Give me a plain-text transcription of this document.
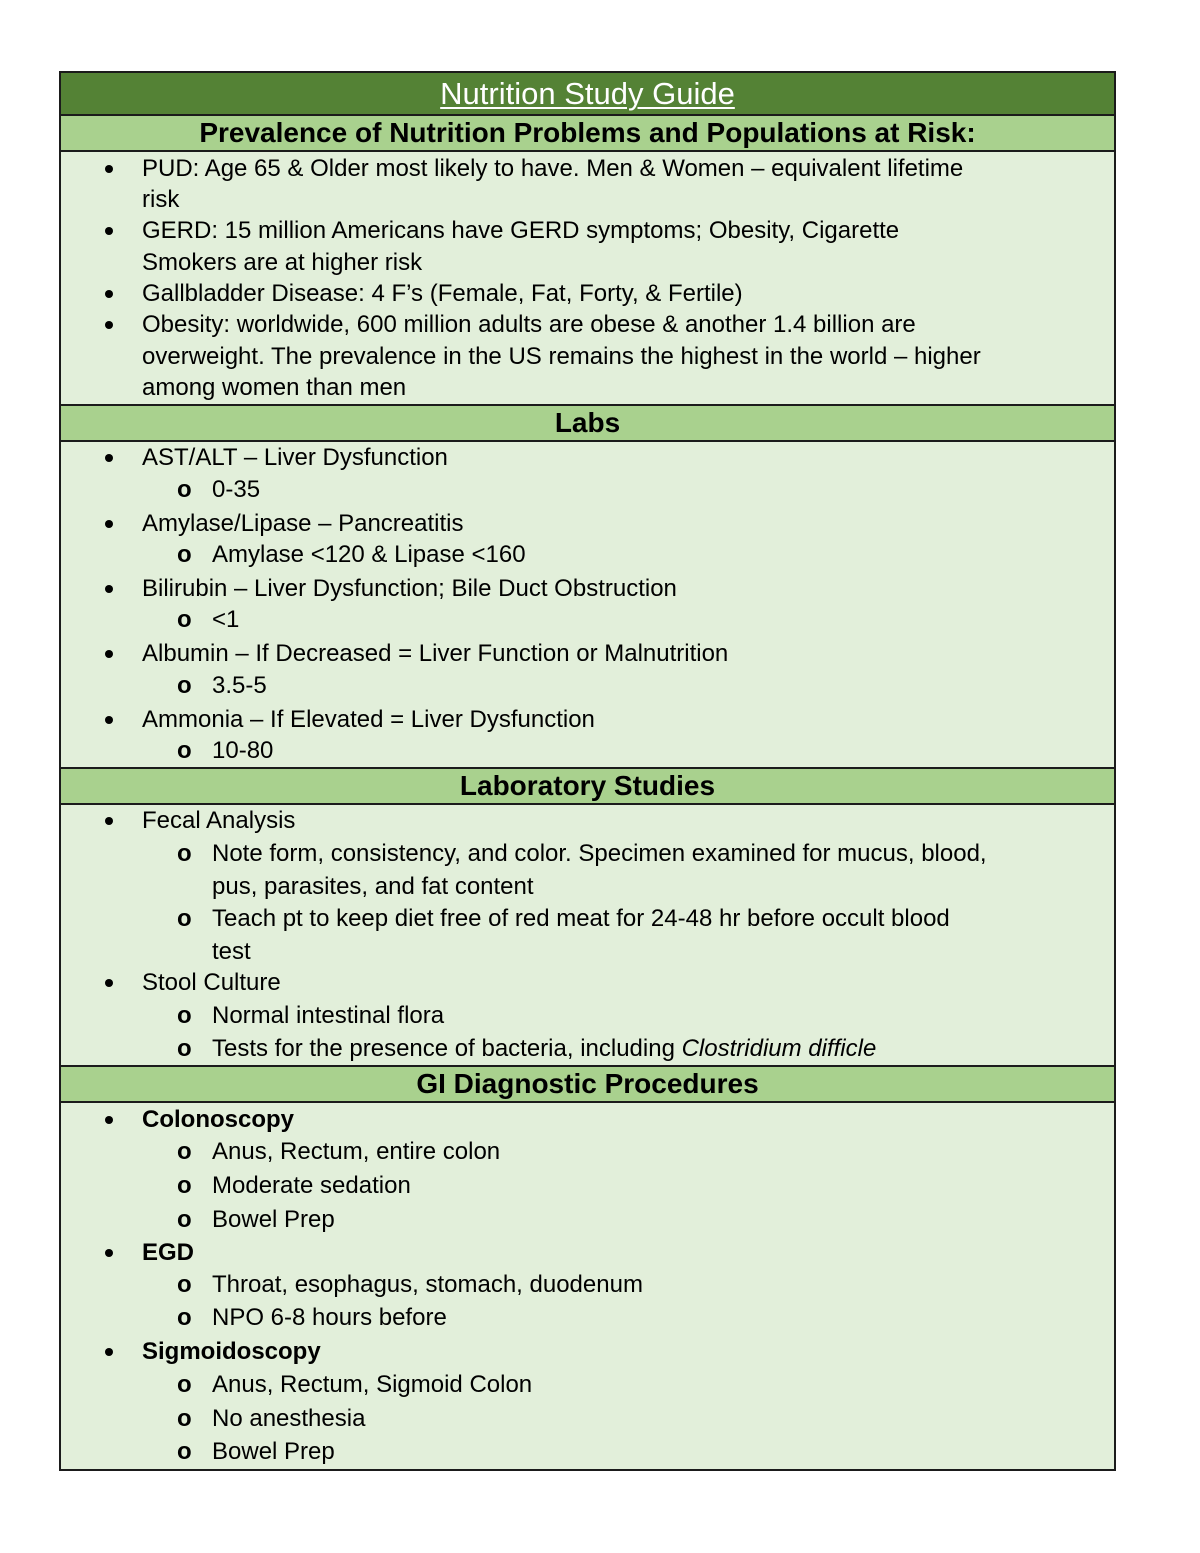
Nutrition Study Guide
Prevalence of Nutrition Problems and Populations at Risk:
PUD: Age 65 & Older most likely to have. Men & Women – equivalent lifetime
risk
GERD: 15 million Americans have GERD symptoms; Obesity, Cigarette
Smokers are at higher risk
Gallbladder Disease: 4 F’s (Female, Fat, Forty, & Fertile)
Obesity: worldwide, 600 million adults are obese & another 1.4 billion are
overweight. The prevalence in the US remains the highest in the world – higher
among women than men
Labs
AST/ALT – Liver Dysfunction
o 0-35
Amylase/Lipase – Pancreatitis
o Amylase <120 & Lipase <160
Bilirubin – Liver Dysfunction; Bile Duct Obstruction
o <1
Albumin – If Decreased = Liver Function or Malnutrition
o 3.5-5
Ammonia – If Elevated = Liver Dysfunction
o 10-80
Laboratory Studies
Fecal Analysis
o Note form, consistency, and color. Specimen examined for mucus, blood,
pus, parasites, and fat content
o Teach pt to keep diet free of red meat for 24-48 hr before occult blood
test
Stool Culture
o Normal intestinal flora
o Tests for the presence of bacteria, including Clostridium difficle
GI Diagnostic Procedures
Colonoscopy
o Anus, Rectum, entire colon
o Moderate sedation
o Bowel Prep
EGD
o Throat, esophagus, stomach, duodenum
o NPO 6-8 hours before
Sigmoidoscopy
o Anus, Rectum, Sigmoid Colon
o No anesthesia
o Bowel Prep
